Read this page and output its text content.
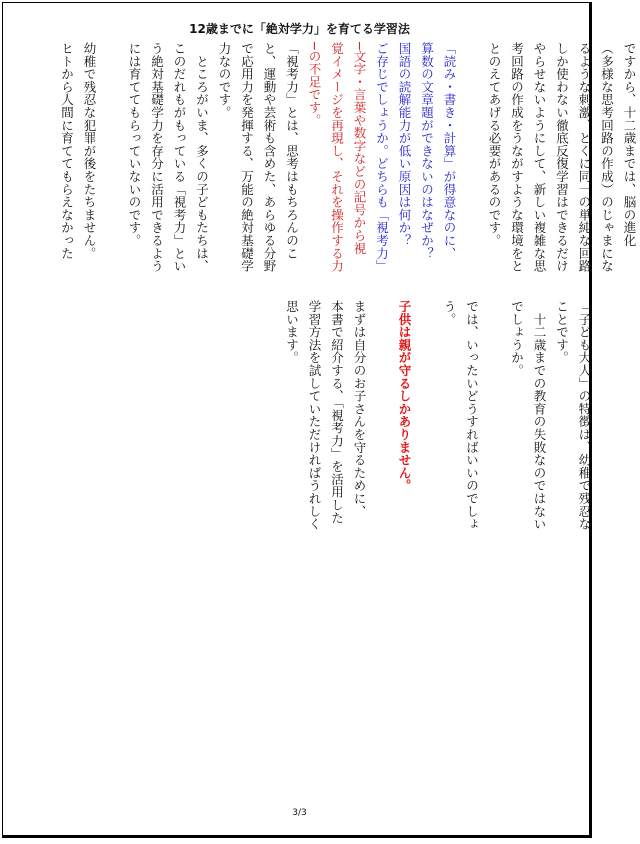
12歳までに「絶対学力」を育てる学習法

ですから、十二歳までは、脳の進化
（多様な思考回路の作成）のじゃまにな
るような刺激、とくに同一の単純な回路
しか使わない徹底反復学習はできるだけ
やらせないようにして、新しい複雑な思
考回路の作成をうながすような環境をと
とのえてあげる必要があるのです。

「読み・書き・計算」が得意なのに、
算数の文章題ができないのはなぜか？
国語の読解能力が低い原因は何か？
ご存じでしょうか。どちらも「視考力」
─文字・言葉や数字などの記号から視
覚イメージを再現し、それを操作する力
─の不足です。
「視考力」とは、思考はもちろんのこ
と、運動や芸術も含めた、あらゆる分野
で応用力を発揮する、万能の絶対基礎学
力なのです。
　ところがいま、多くの子どもたちは、
このだれもがもっている「視考力」とい
う絶対基礎学力を存分に活用できるよう
には育ててもらっていないのです。

幼稚で残忍な犯罪が後をたちません。
ヒトから人間に育ててもらえなかった

「子ども大人」の特徴は、幼稚で残忍な
ことです。
　十二歳までの教育の失敗なのではない
でしょうか。

では、いったいどうすればいいのでしょ
う。

子供は親が守るしかありません。

まずは自分のお子さんを守るために、
本書で紹介する、「視考力」を活用した
学習方法を試していただければうれしく
思います。

3/3
